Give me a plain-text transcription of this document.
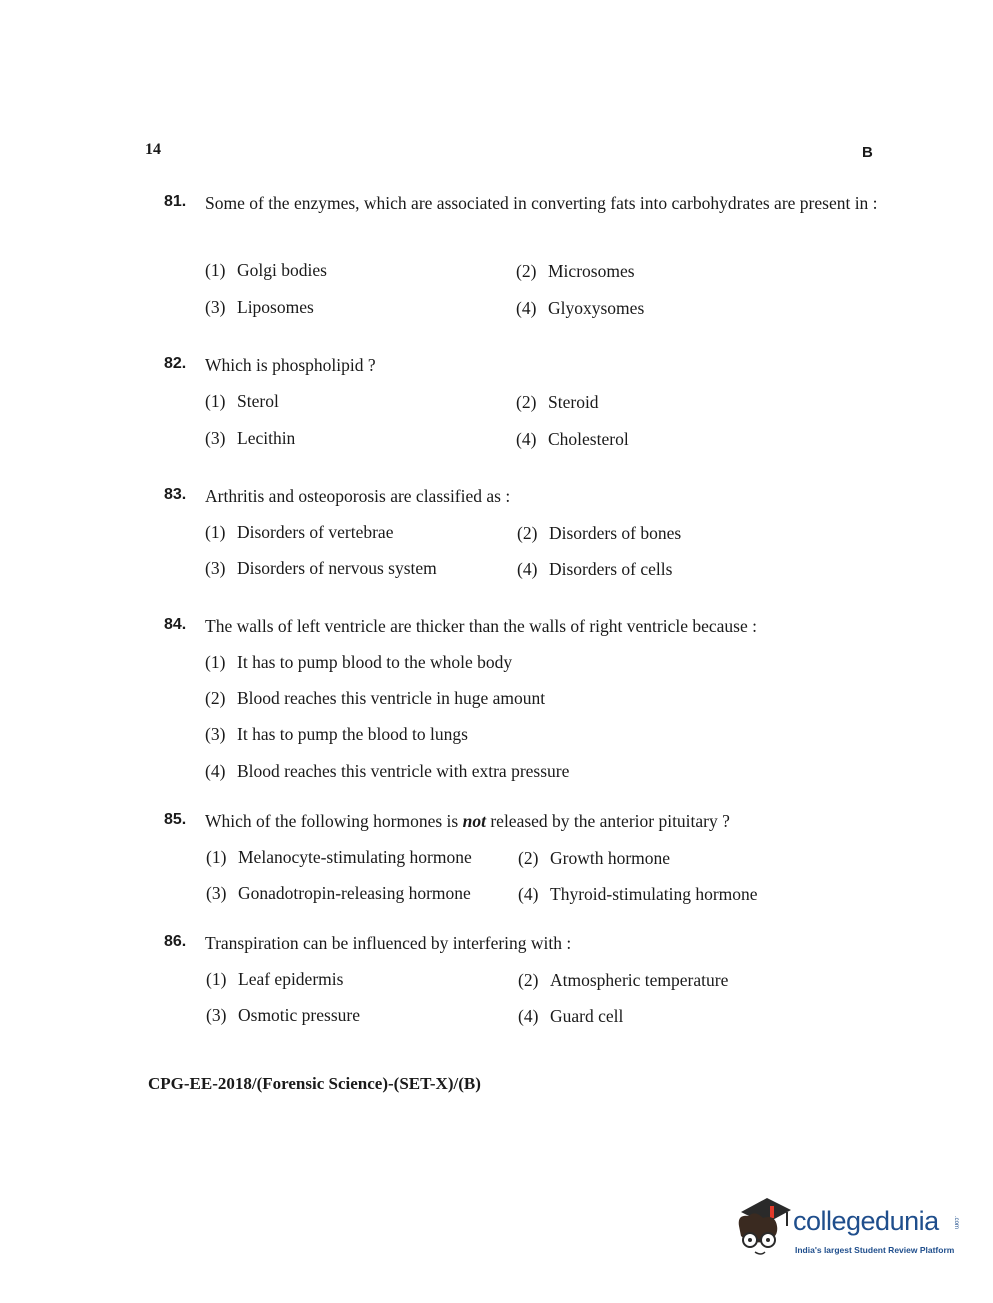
14	B
81. Some of the enzymes, which are associated in converting fats into carbohydrates are present in :
(1) Golgi bodies	(2) Microsomes
(3) Liposomes	(4) Glyoxysomes
82. Which is phospholipid ?
(1) Sterol	(2) Steroid
(3) Lecithin	(4) Cholesterol
83. Arthritis and osteoporosis are classified as :
(1) Disorders of vertebrae	(2) Disorders of bones
(3) Disorders of nervous system	(4) Disorders of cells
84. The walls of left ventricle are thicker than the walls of right ventricle because :
(1) It has to pump blood to the whole body
(2) Blood reaches this ventricle in huge amount
(3) It has to pump the blood to lungs
(4) Blood reaches this ventricle with extra pressure
85. Which of the following hormones is not released by the anterior pituitary ?
(1) Melanocyte-stimulating hormone	(2) Growth hormone
(3) Gonadotropin-releasing hormone	(4) Thyroid-stimulating hormone
86. Transpiration can be influenced by interfering with :
(1) Leaf epidermis	(2) Atmospheric temperature
(3) Osmotic pressure	(4) Guard cell
CPG-EE-2018/(Forensic Science)-(SET-X)/(B)
collegedunia .com
India's largest Student Review Platform
